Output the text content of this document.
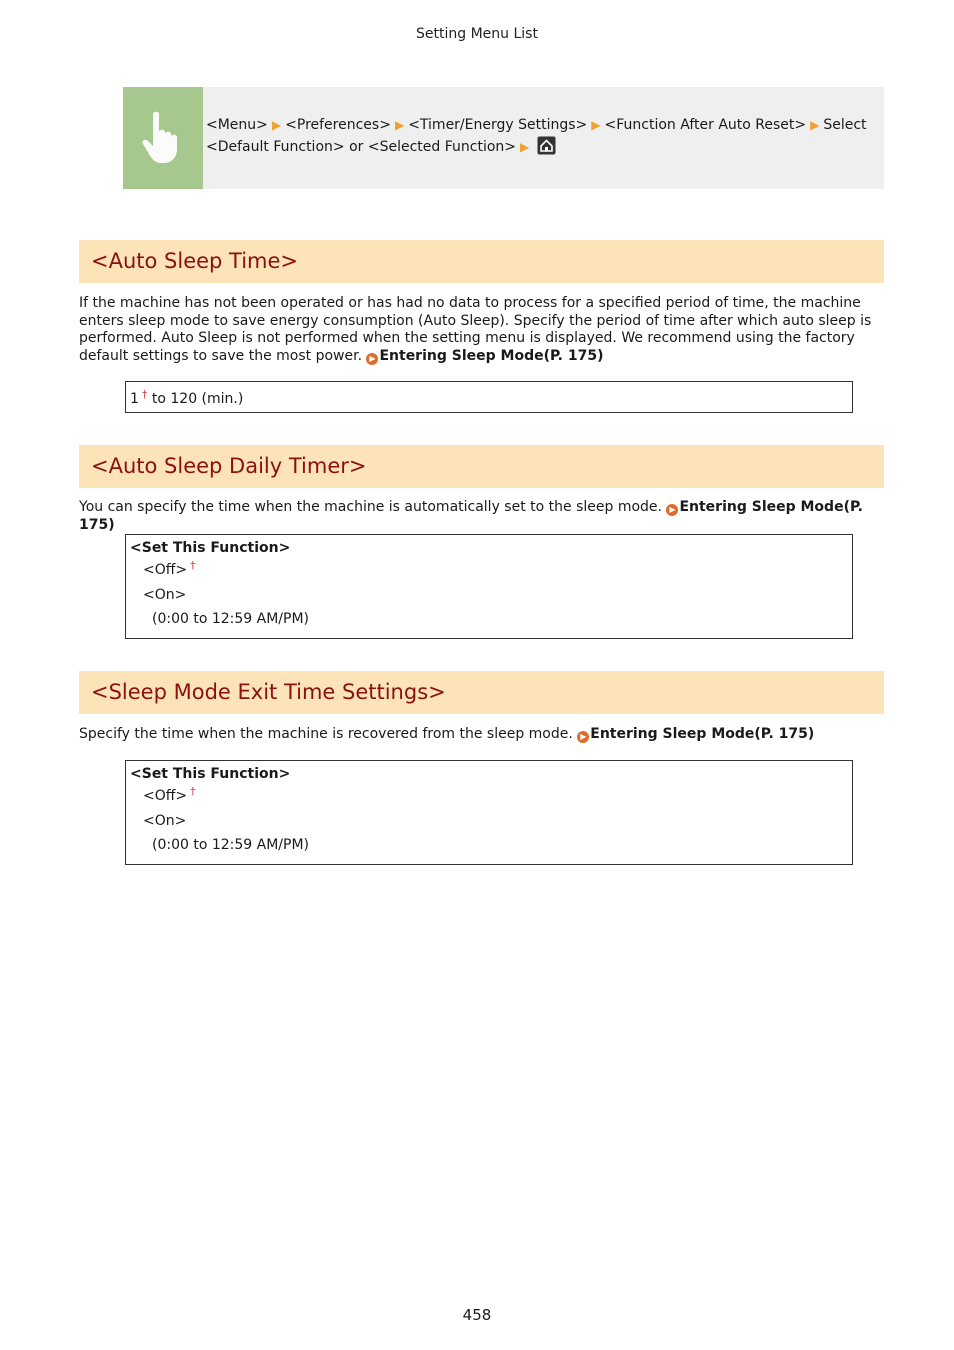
Setting Menu List
<Menu> ▶ <Preferences> ▶ <Timer/Energy Settings> ▶ <Function After Auto Reset> ▶ Select
<Default Function> or <Selected Function> ▶
<Auto Sleep Time>
If the machine has not been operated or has had no data to process for a specified period of time, the machine enters sleep mode to save energy consumption (Auto Sleep). Specify the period of time after which auto sleep is performed. Auto Sleep is not performed when the setting menu is displayed. We recommend using the factory default settings to save the most power. ▶ Entering Sleep Mode(P. 175)
1 † to 120 (min.)
<Auto Sleep Daily Timer>
You can specify the time when the machine is automatically set to the sleep mode. ▶ Entering Sleep Mode(P. 175)
<Set This Function>
<Off> †
<On>
(0:00 to 12:59 AM/PM)
<Sleep Mode Exit Time Settings>
Specify the time when the machine is recovered from the sleep mode. ▶ Entering Sleep Mode(P. 175)
<Set This Function>
<Off> †
<On>
(0:00 to 12:59 AM/PM)
458
